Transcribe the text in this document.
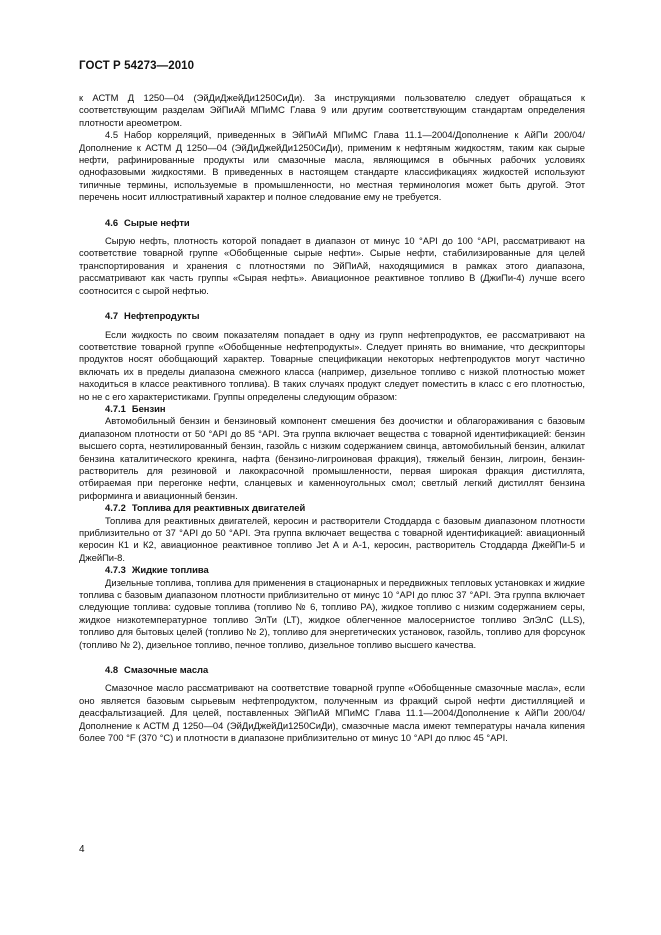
ГОСТ Р 54273—2010

к АСТМ Д 1250—04 (ЭйДиДжейДи1250СиДи). За инструкциями пользователю следует обращаться к соответствующим разделам ЭйПиАй МПиМС Глава 9 или другим соответствующим стандартам определения плотности ареометром.

4.5 Набор корреляций, приведенных в ЭйПиАй МПиМС Глава 11.1—2004/Дополнение к АйПи 200/04/Дополнение к АСТМ Д 1250—04 (ЭйДиДжейДи1250СиДи), применим к нефтяным жидкостям, таким как сырые нефти, рафинированные продукты или смазочные масла, являющимся в обычных рабочих условиях однофазовыми жидкостями. В приведенных в настоящем стандарте классификациях жидкостей используют типичные термины, используемые в промышленности, но местная терминология может быть другой. Этот перечень носит иллюстративный характер и полное следование ему не требуется.

4.6 Сырые нефти

Сырую нефть, плотность которой попадает в диапазон от минус 10 °API до 100 °API, рассматривают на соответствие товарной группе «Обобщенные сырые нефти». Сырые нефти, стабилизированные для целей транспортирования и хранения с плотностями по ЭйПиАй, находящимися в рамках этого диапазона, рассматривают как часть группы «Сырая нефть». Авиационное реактивное топливо В (ДжиПи-4) лучше всего соотносится с сырой нефтью.

4.7 Нефтепродукты

Если жидкость по своим показателям попадает в одну из групп нефтепродуктов, ее рассматривают на соответствие товарной группе «Обобщенные нефтепродукты». Следует принять во внимание, что дескрипторы продуктов носят обобщающий характер. Товарные спецификации некоторых нефтепродуктов могут частично включать их в пределы диапазона смежного класса (например, дизельное топливо с низкой плотностью может находиться в классе реактивного топлива). В таких случаях продукт следует поместить в класс с его плотностью, но не с его характеристиками. Группы определены следующим образом:

4.7.1 Бензин

Автомобильный бензин и бензиновый компонент смешения без доочистки и облагораживания с базовым диапазоном плотности от 50 °API до 85 °API. Эта группа включает вещества с товарной идентификацией: бензин высшего сорта, неэтилированный бензин, газойль с низким содержанием свинца, автомобильный бензин, алкилат бензина каталитического крекинга, нафта (бензино-лигроиновая фракция), тяжелый бензин, лигроин, бензин-растворитель для резиновой и лакокрасочной промышленности, первая широкая фракция дистиллята, отбираемая при перегонке нефти, сланцевых и каменноугольных смол; светлый легкий дистиллят бензина риформинга и авиационный бензин.

4.7.2 Топлива для реактивных двигателей

Топлива для реактивных двигателей, керосин и растворители Стоддарда с базовым диапазоном плотности приблизительно от 37 °API до 50 °API. Эта группа включает вещества с товарной идентификацией: авиационный керосин К1 и К2, авиационное реактивное топливо Jet A и А-1, керосин, растворитель Стоддарда ДжейПи-5 и ДжейПи-8.

4.7.3 Жидкие топлива

Дизельные топлива, топлива для применения в стационарных и передвижных тепловых установках и жидкие топлива с базовым диапазоном плотности приблизительно от минус 10 °API до плюс 37 °API. Эта группа включает следующие топлива: судовые топлива (топливо № 6, топливо РА), жидкое топливо с низким содержанием серы, жидкое низкотемпературное топливо ЭлТи (LT), жидкое облегченное малосернистое топливо ЭлЭлС (LLS), топливо для бытовых целей (топливо № 2), топливо для энергетических установок, газойль, топливо для форсунок (топливо № 2), дизельное топливо, печное топливо, дизельное топливо высшего качества.

4.8 Смазочные масла

Смазочное масло рассматривают на соответствие товарной группе «Обобщенные смазочные масла», если оно является базовым сырьевым нефтепродуктом, полученным из фракций сырой нефти дистилляцией и деасфальтизацией. Для целей, поставленных ЭйПиАй МПиМС Глава 11.1—2004/Дополнение к АйПи 200/04/Дополнение к АСТМ Д 1250—04 (ЭйДиДжейДи1250СиДи), смазочные масла имеют температуры начала кипения более 700 °F (370 °С) и плотности в диапазоне приблизительно от минус 10 °API до плюс 45 °API.

4
